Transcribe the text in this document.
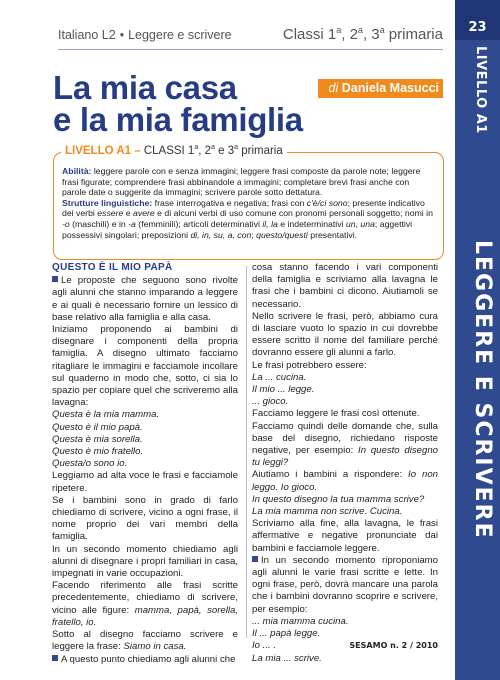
23
LIVELLO A1
LEGGERE E SCRIVERE
Italiano L2 • Leggere e scrivere	Classi 1$^a$, 2$^a$, 3$^a$ primaria
La mia casa
e la mia famiglia
di Daniela Masucci
LIVELLO A1 – CLASSI 1$^a$, 2$^a$ e 3$^a$ primaria

Abilità: leggere parole con e senza immagini; leggere frasi composte da parole note; leggere frasi figurate; comprendere frasi abbinandole a immagini; completare brevi frasi anche con parole date o suggerite da immagini; scrivere parole sotto dettatura.

Strutture linguistiche: frase interrogativa e negativa; frasi con c'è/ci sono; presente indicativo dei verbi essere e avere e di alcuni verbi di uso comune con pronomi personali soggetto; nomi in -o (maschili) e in -a (femminili); articoli determinativi il, la e indeterminativi un, una; aggettivi possessivi singolari; preposizioni di, in, su, a, con; questo/questi presentativi.

QUESTO È IL MIO PAPÀ

Le proposte che seguono sono rivolte agli alunni che stanno imparando a leggere e ai quali è necessario fornire un lessico di base relativo alla famiglia e alla casa.

Iniziamo proponendo ai bambini di disegnare i componenti della propria famiglia. A disegno ultimato facciamo ritagliare le immagini e facciamole incollare sul quaderno in modo che, sotto, ci sia lo spazio per copiare quel che scriveremo alla lavagna:

Questa è la mia mamma.

Questo è il mio papà.

Questa è mia sorella.

Questo è mio fratello.

Questa/o sono io.

Leggiamo ad alta voce le frasi e facciamole ripetere.

Se i bambini sono in grado di farlo chiediamo di scrivere, vicino a ogni frase, il nome proprio dei vari membri della famiglia.

In un secondo momento chiediamo agli alunni di disegnare i propri familiari in casa, impegnati in varie occupazioni.

Facendo riferimento alle frasi scritte precedentemente, chiediamo di scrivere, vicino alle figure: mamma, papà, sorella, fratello, io.

Sotto al disegno facciamo scrivere e leggere la frase: Siamo in casa.

A questo punto chiediamo agli alunni che

cosa stanno facendo i vari componenti della famiglia e scriviamo alla lavagna le frasi che i bambini ci dicono. Aiutiamoli se necessario.

Nello scrivere le frasi, però, abbiamo cura di lasciare vuoto lo spazio in cui dovrebbe essere scritto il nome del familiare perché dovranno essere gli alunni a farlo.

Le frasi potrebbero essere:

La ... cucina.

Il mio ... legge.

... gioco.

Facciamo leggere le frasi così ottenute.

Facciamo quindi delle domande che, sulla base del disegno, richiedano risposte negative, per esempio: In questo disegno tu leggi?

Aiutiamo i bambini a rispondere: Io non leggo. Io gioco.

In questo disegno la tua mamma scrive?

La mia mamma non scrive. Cucina.

Scriviamo alla fine, alla lavagna, le frasi affermative e negative pronunciate dai bambini e facciamole leggere.

In un secondo momento riproponiamo agli alunni le varie frasi scritte e lette. In ogni frase, però, dovrà mancare una parola che i bambini dovranno scoprire e scrivere, per esempio:

... mia mamma cucina.

Il ... papà legge.

Io ... .

La mia ... scrive.

SESAMO n. 2 / 2010
